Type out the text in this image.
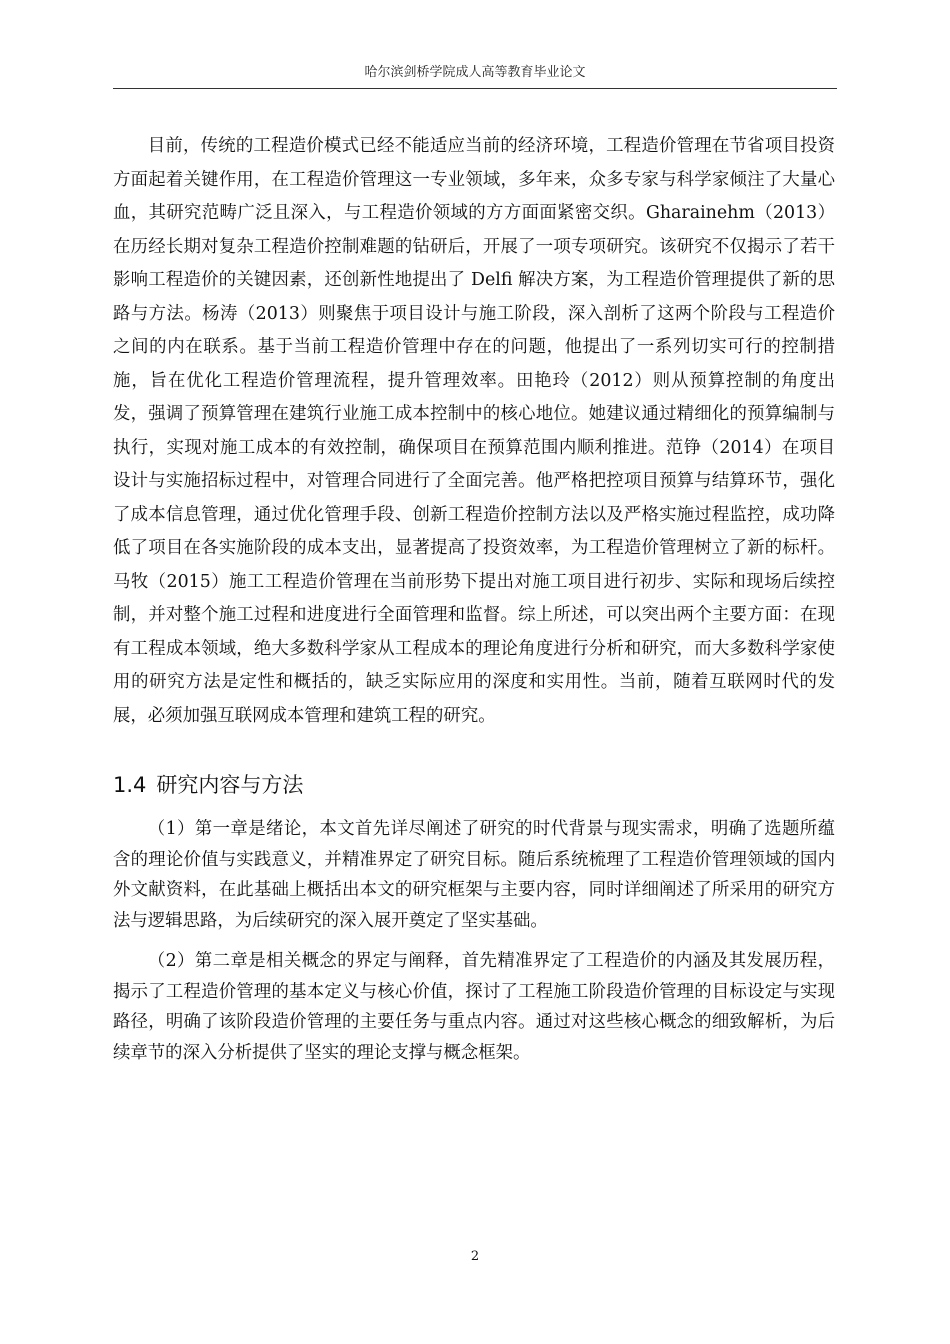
哈尔滨剑桥学院成人高等教育毕业论文

目前，传统的工程造价模式已经不能适应当前的经济环境，工程造价管理在节省项目投资方面起着关键作用，在工程造价管理这一专业领域，多年来，众多专家与科学家倾注了大量心血，其研究范畴广泛且深入，与工程造价领域的方方面面紧密交织。Gharainehm（2013）在历经长期对复杂工程造价控制难题的钻研后，开展了一项专项研究。该研究不仅揭示了若干影响工程造价的关键因素，还创新性地提出了 Delfi 解决方案，为工程造价管理提供了新的思路与方法。杨涛（2013）则聚焦于项目设计与施工阶段，深入剖析了这两个阶段与工程造价之间的内在联系。基于当前工程造价管理中存在的问题，他提出了一系列切实可行的控制措施，旨在优化工程造价管理流程，提升管理效率。田艳玲（2012）则从预算控制的角度出发，强调了预算管理在建筑行业施工成本控制中的核心地位。她建议通过精细化的预算编制与执行，实现对施工成本的有效控制，确保项目在预算范围内顺利推进。范铮（2014）在项目设计与实施招标过程中，对管理合同进行了全面完善。他严格把控项目预算与结算环节，强化了成本信息管理，通过优化管理手段、创新工程造价控制方法以及严格实施过程监控，成功降低了项目在各实施阶段的成本支出，显著提高了投资效率，为工程造价管理树立了新的标杆。马牧（2015）施工工程造价管理在当前形势下提出对施工项目进行初步、实际和现场后续控制，并对整个施工过程和进度进行全面管理和监督。综上所述，可以突出两个主要方面：在现有工程成本领域，绝大多数科学家从工程成本的理论角度进行分析和研究，而大多数科学家使用的研究方法是定性和概括的，缺乏实际应用的深度和实用性。当前，随着互联网时代的发展，必须加强互联网成本管理和建筑工程的研究。

1.4 研究内容与方法

（1）第一章是绪论，本文首先详尽阐述了研究的时代背景与现实需求，明确了选题所蕴含的理论价值与实践意义，并精准界定了研究目标。随后系统梳理了工程造价管理领域的国内外文献资料，在此基础上概括出本文的研究框架与主要内容，同时详细阐述了所采用的研究方法与逻辑思路，为后续研究的深入展开奠定了坚实基础。

（2）第二章是相关概念的界定与阐释，首先精准界定了工程造价的内涵及其发展历程，揭示了工程造价管理的基本定义与核心价值，探讨了工程施工阶段造价管理的目标设定与实现路径，明确了该阶段造价管理的主要任务与重点内容。通过对这些核心概念的细致解析，为后续章节的深入分析提供了坚实的理论支撑与概念框架。

2
